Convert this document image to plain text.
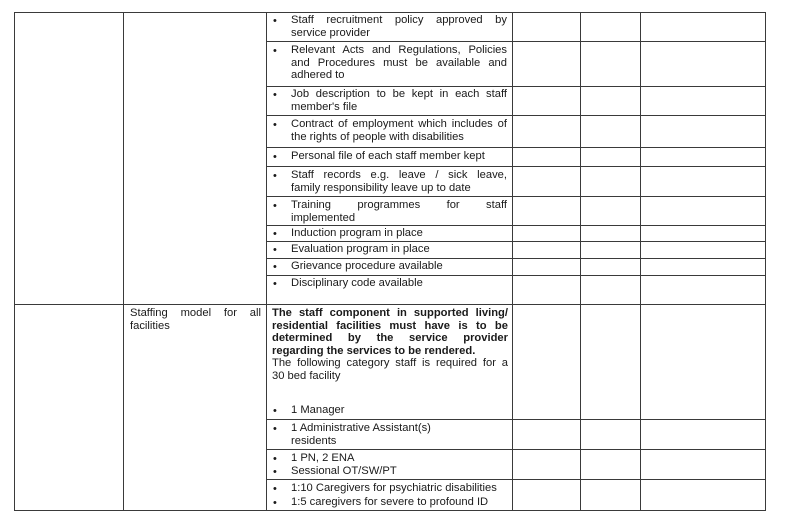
• Staff recruitment policy approved by
service provider
• Relevant Acts and Regulations, Policies
and Procedures must be available and
adhered to
• Job description to be kept in each staff
member's file
• Contract of employment which includes of
the rights of people with disabilities
• Personal file of each staff member kept
• Staff records e.g. leave / sick leave,
family responsibility leave up to date
• Training programmes for staff
implemented
• Induction program in place
• Evaluation program in place
• Grievance procedure available
• Disciplinary code available
Staffing model for all
facilities
The staff component in supported living/
residential facilities must have is to be
determined by the service provider
regarding the services to be rendered.
The following category staff is required for a
30 bed facility
• 1 Manager
• 1 Administrative Assistant(s)
residents
• 1 PN, 2 ENA
• Sessional OT/SW/PT
• 1:10 Caregivers for psychiatric disabilities
• 1:5 caregivers for severe to profound ID
